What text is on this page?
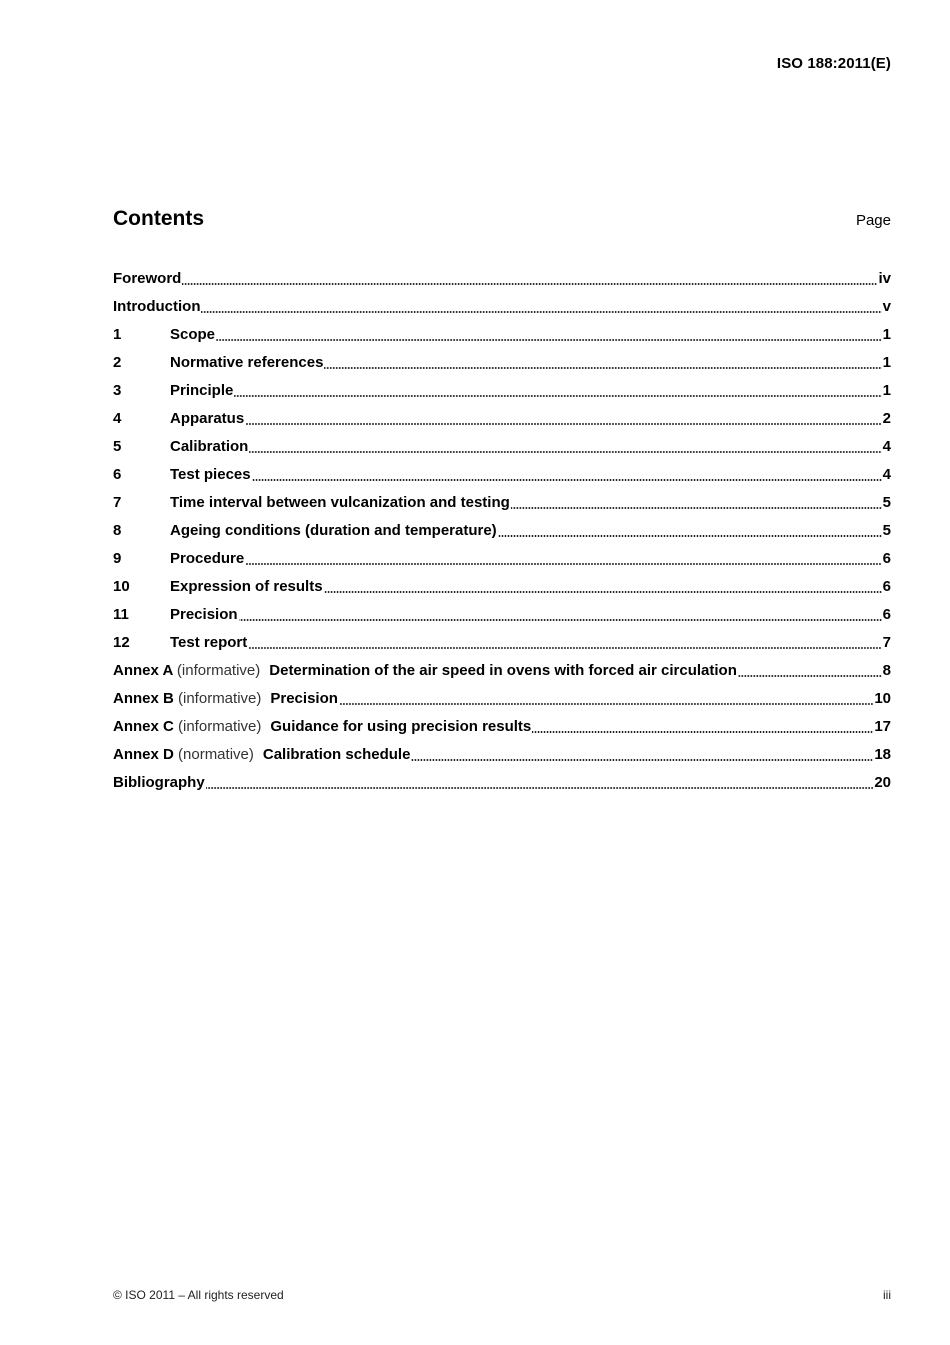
ISO 188:2011(E)
Contents	Page
Foreword	iv
Introduction	v
1	Scope	1
2	Normative references	1
3	Principle	1
4	Apparatus	2
5	Calibration	4
6	Test pieces	4
7	Time interval between vulcanization and testing	5
8	Ageing conditions (duration and temperature)	5
9	Procedure	6
10	Expression of results	6
11	Precision	6
12	Test report	7
Annex A (informative) Determination of the air speed in ovens with forced air circulation	8
Annex B (informative) Precision	10
Annex C (informative) Guidance for using precision results	17
Annex D (normative) Calibration schedule	18
Bibliography	20
© ISO 2011 – All rights reserved	iii
